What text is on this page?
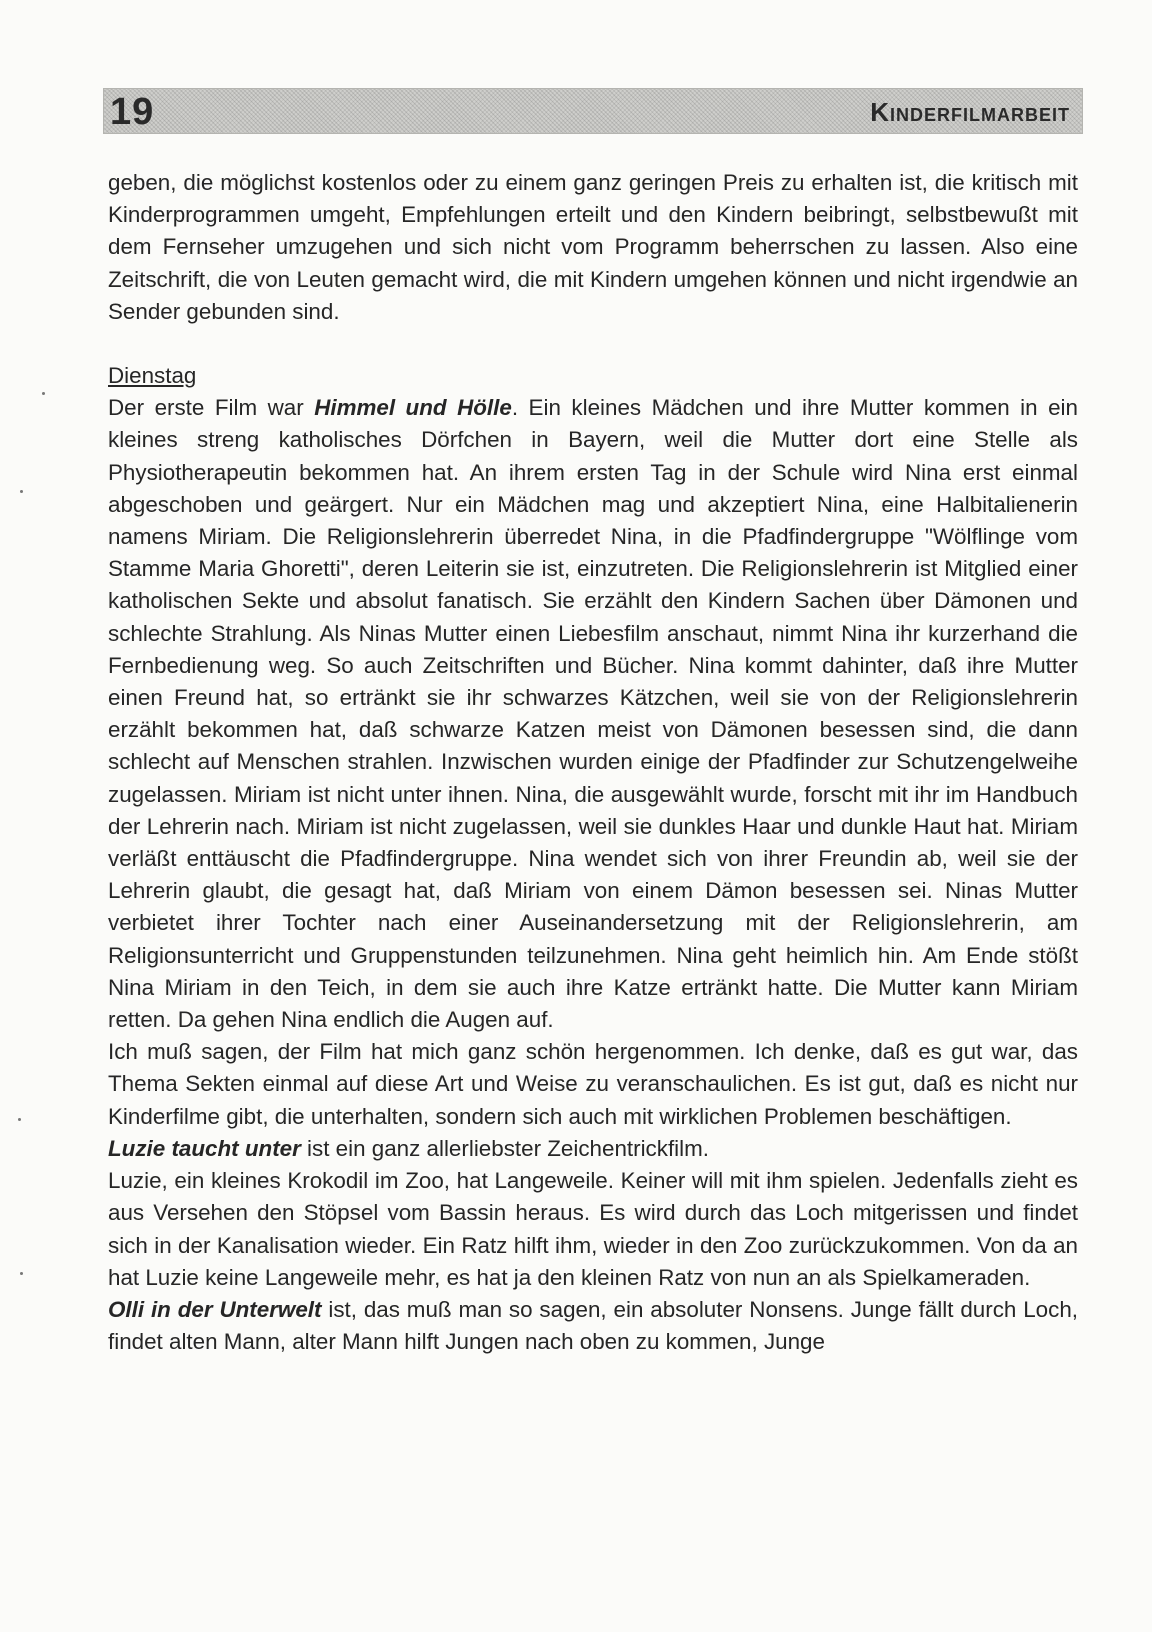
19	Kinderfilmarbeit

geben, die möglichst kostenlos oder zu einem ganz geringen Preis zu erhalten ist, die kritisch mit Kinderprogrammen umgeht, Empfehlungen erteilt und den Kindern beibringt, selbstbewußt mit dem Fernseher umzugehen und sich nicht vom Programm beherrschen zu lassen. Also eine Zeitschrift, die von Leuten gemacht wird, die mit Kindern umgehen können und nicht irgendwie an Sender gebunden sind.

Dienstag

Der erste Film war Himmel und Hölle. Ein kleines Mädchen und ihre Mutter kommen in ein kleines streng katholisches Dörfchen in Bayern, weil die Mutter dort eine Stelle als Physiotherapeutin bekommen hat. An ihrem ersten Tag in der Schule wird Nina erst einmal abgeschoben und geärgert. Nur ein Mädchen mag und akzeptiert Nina, eine Halbitalienerin namens Miriam. Die Religionslehrerin überredet Nina, in die Pfadfindergruppe "Wölflinge vom Stamme Maria Ghoretti", deren Leiterin sie ist, einzutreten. Die Religionslehrerin ist Mitglied einer katholischen Sekte und absolut fanatisch. Sie erzählt den Kindern Sachen über Dämonen und schlechte Strahlung. Als Ninas Mutter einen Liebesfilm anschaut, nimmt Nina ihr kurzerhand die Fernbedienung weg. So auch Zeitschriften und Bücher. Nina kommt dahinter, daß ihre Mutter einen Freund hat, so ertränkt sie ihr schwarzes Kätzchen, weil sie von der Religionslehrerin erzählt bekommen hat, daß schwarze Katzen meist von Dämonen besessen sind, die dann schlecht auf Menschen strahlen. Inzwischen wurden einige der Pfadfinder zur Schutzengelweihe zugelassen. Miriam ist nicht unter ihnen. Nina, die ausgewählt wurde, forscht mit ihr im Handbuch der Lehrerin nach. Miriam ist nicht zugelassen, weil sie dunkles Haar und dunkle Haut hat. Miriam verläßt enttäuscht die Pfadfindergruppe. Nina wendet sich von ihrer Freundin ab, weil sie der Lehrerin glaubt, die gesagt hat, daß Miriam von einem Dämon besessen sei. Ninas Mutter verbietet ihrer Tochter nach einer Auseinandersetzung mit der Religionslehrerin, am Religionsunterricht und Gruppenstunden teilzunehmen. Nina geht heimlich hin. Am Ende stößt Nina Miriam in den Teich, in dem sie auch ihre Katze ertränkt hatte. Die Mutter kann Miriam retten. Da gehen Nina endlich die Augen auf.

Ich muß sagen, der Film hat mich ganz schön hergenommen. Ich denke, daß es gut war, das Thema Sekten einmal auf diese Art und Weise zu veranschaulichen. Es ist gut, daß es nicht nur Kinderfilme gibt, die unterhalten, sondern sich auch mit wirklichen Problemen beschäftigen.

Luzie taucht unter ist ein ganz allerliebster Zeichentrickfilm.

Luzie, ein kleines Krokodil im Zoo, hat Langeweile. Keiner will mit ihm spielen. Jedenfalls zieht es aus Versehen den Stöpsel vom Bassin heraus. Es wird durch das Loch mitgerissen und findet sich in der Kanalisation wieder. Ein Ratz hilft ihm, wieder in den Zoo zurückzukommen. Von da an hat Luzie keine Langeweile mehr, es hat ja den kleinen Ratz von nun an als Spielkameraden.

Olli in der Unterwelt ist, das muß man so sagen, ein absoluter Nonsens. Junge fällt durch Loch, findet alten Mann, alter Mann hilft Jungen nach oben zu kommen, Junge
